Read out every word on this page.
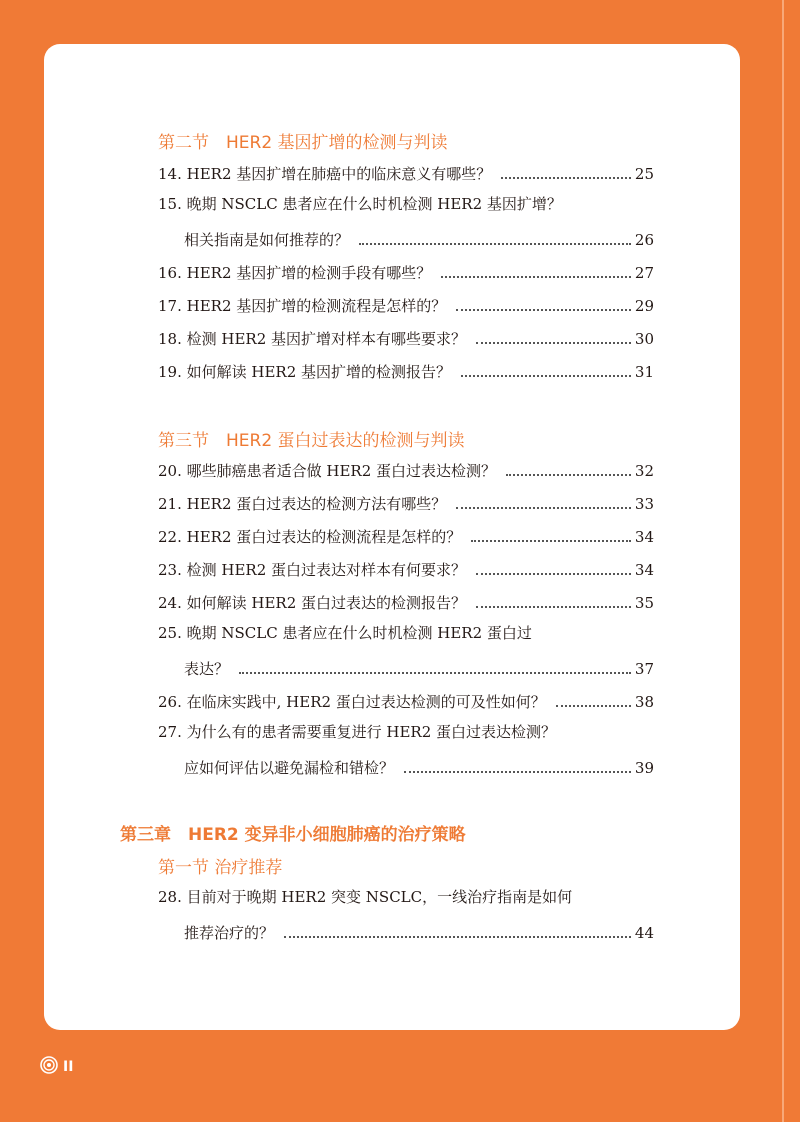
第二节　HER2 基因扩增的检测与判读
14. HER2 基因扩增在肺癌中的临床意义有哪些？	25
15. 晚期 NSCLC 患者应在什么时机检测 HER2 基因扩增？
相关指南是如何推荐的？	26
16. HER2 基因扩增的检测手段有哪些？	27
17. HER2 基因扩增的检测流程是怎样的？	29
18. 检测 HER2 基因扩增对样本有哪些要求？	30
19. 如何解读 HER2 基因扩增的检测报告？	31
第三节　HER2 蛋白过表达的检测与判读
20. 哪些肺癌患者适合做 HER2 蛋白过表达检测？	32
21. HER2 蛋白过表达的检测方法有哪些？	33
22. HER2 蛋白过表达的检测流程是怎样的？	34
23. 检测 HER2 蛋白过表达对样本有何要求？	34
24. 如何解读 HER2 蛋白过表达的检测报告？	35
25. 晚期 NSCLC 患者应在什么时机检测 HER2 蛋白过
表达？	37
26. 在临床实践中, HER2 蛋白过表达检测的可及性如何？	38
27. 为什么有的患者需要重复进行 HER2 蛋白过表达检测？
应如何评估以避免漏检和错检？	39
第三章　HER2 变异非小细胞肺癌的治疗策略
第一节 治疗推荐
28. 目前对于晚期 HER2 突变 NSCLC，一线治疗指南是如何
推荐治疗的？	44
II
